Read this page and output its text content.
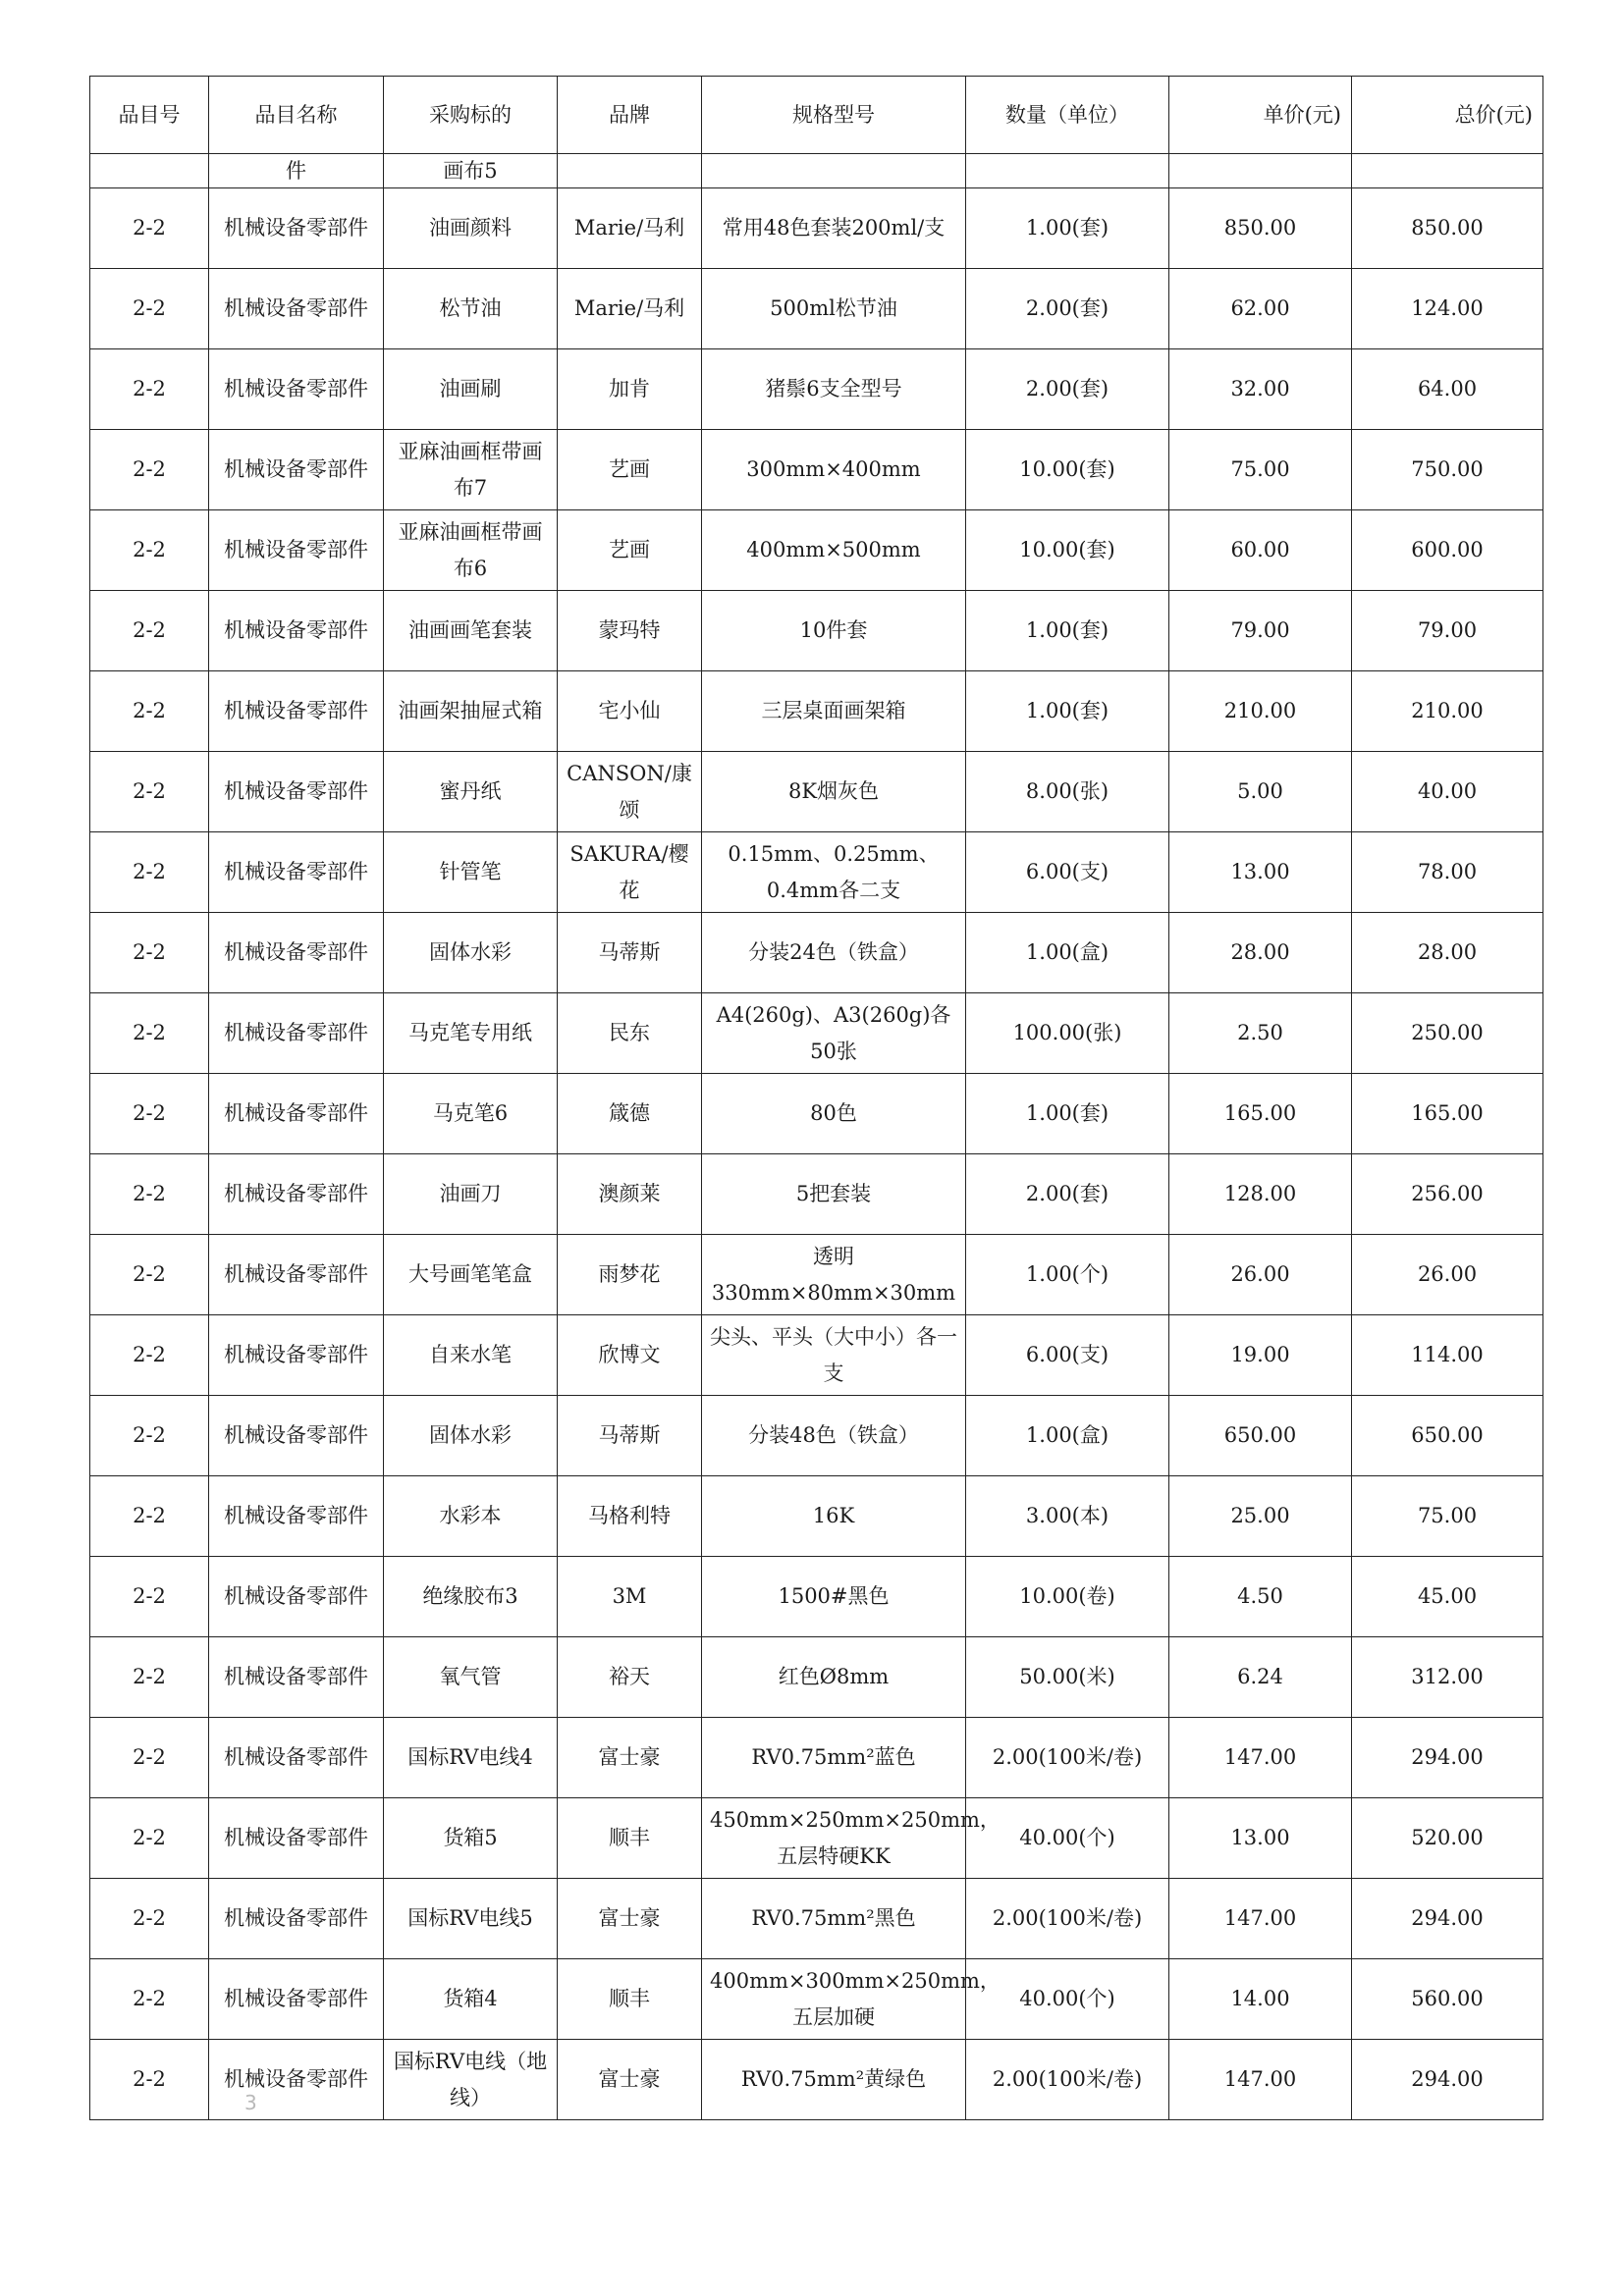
品目号	品目名称	采购标的	品牌	规格型号	数量（单位）	单价(元)	总价(元)
	件	画布5					
2-2	机械设备零部件	油画颜料	Marie/马利	常用48色套装200ml/支	1.00(套)	850.00	850.00
2-2	机械设备零部件	松节油	Marie/马利	500ml松节油	2.00(套)	62.00	124.00
2-2	机械设备零部件	油画刷	加肯	猪鬃6支全型号	2.00(套)	32.00	64.00
2-2	机械设备零部件	亚麻油画框带画布7	艺画	300mm×400mm	10.00(套)	75.00	750.00
2-2	机械设备零部件	亚麻油画框带画布6	艺画	400mm×500mm	10.00(套)	60.00	600.00
2-2	机械设备零部件	油画画笔套装	蒙玛特	10件套	1.00(套)	79.00	79.00
2-2	机械设备零部件	油画架抽屉式箱	宅小仙	三层桌面画架箱	1.00(套)	210.00	210.00
2-2	机械设备零部件	蜜丹纸	CANSON/康颂	8K烟灰色	8.00(张)	5.00	40.00
2-2	机械设备零部件	针管笔	SAKURA/樱花	0.15mm、0.25mm、0.4mm各二支	6.00(支)	13.00	78.00
2-2	机械设备零部件	固体水彩	马蒂斯	分装24色（铁盒）	1.00(盒)	28.00	28.00
2-2	机械设备零部件	马克笔专用纸	民东	A4(260g)、A3(260g)各50张	100.00(张)	2.50	250.00
2-2	机械设备零部件	马克笔6	箴德	80色	1.00(套)	165.00	165.00
2-2	机械设备零部件	油画刀	澳颜莱	5把套装	2.00(套)	128.00	256.00
2-2	机械设备零部件	大号画笔笔盒	雨梦花	透明 330mm×80mm×30mm	1.00(个)	26.00	26.00
2-2	机械设备零部件	自来水笔	欣博文	尖头、平头（大中小）各一支	6.00(支)	19.00	114.00
2-2	机械设备零部件	固体水彩	马蒂斯	分装48色（铁盒）	1.00(盒)	650.00	650.00
2-2	机械设备零部件	水彩本	马格利特	16K	3.00(本)	25.00	75.00
2-2	机械设备零部件	绝缘胶布3	3M	1500#黑色	10.00(卷)	4.50	45.00
2-2	机械设备零部件	氧气管	裕天	红色Ø8mm	50.00(米)	6.24	312.00
2-2	机械设备零部件	国标RV电线4	富士豪	RV0.75mm²蓝色	2.00(100米/卷)	147.00	294.00
2-2	机械设备零部件	货箱5	顺丰	450mm×250mm×250mm，五层特硬KK	40.00(个)	13.00	520.00
2-2	机械设备零部件	国标RV电线5	富士豪	RV0.75mm²黑色	2.00(100米/卷)	147.00	294.00
2-2	机械设备零部件	货箱4	顺丰	400mm×300mm×250mm，五层加硬	40.00(个)	14.00	560.00
2-2	机械设备零部件	国标RV电线（地线）	富士豪	RV0.75mm²黄绿色	2.00(100米/卷)	147.00	294.00
3
